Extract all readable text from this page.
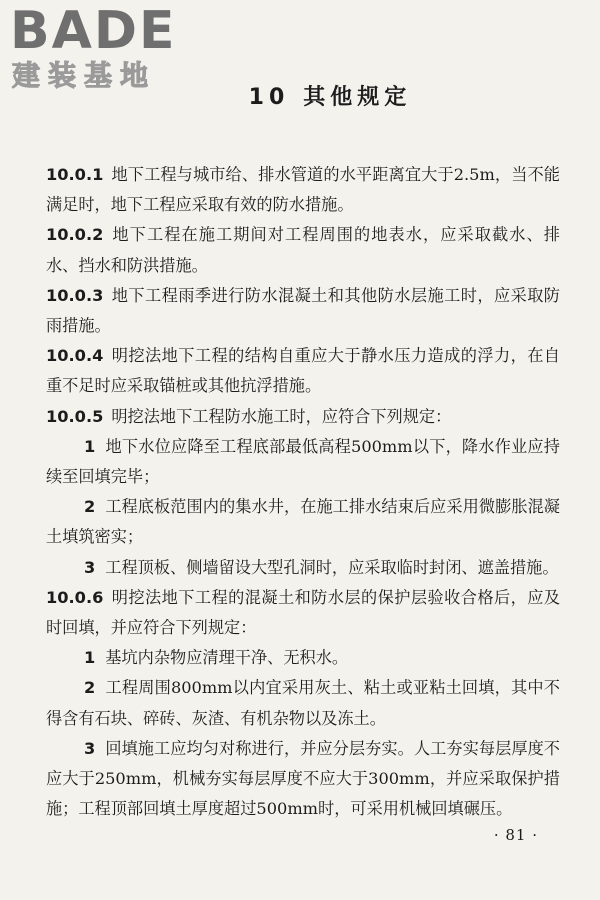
BADE
建装基地
10 其他规定

10.0.1 地下工程与城市给、排水管道的水平距离宜大于2.5m，当不能满足时，地下工程应采取有效的防水措施。

10.0.2 地下工程在施工期间对工程周围的地表水，应采取截水、排水、挡水和防洪措施。

10.0.3 地下工程雨季进行防水混凝土和其他防水层施工时，应采取防雨措施。

10.0.4 明挖法地下工程的结构自重应大于静水压力造成的浮力，在自重不足时应采取锚桩或其他抗浮措施。

10.0.5 明挖法地下工程防水施工时，应符合下列规定：

1 地下水位应降至工程底部最低高程500mm以下，降水作业应持续至回填完毕；

2 工程底板范围内的集水井，在施工排水结束后应采用微膨胀混凝土填筑密实；

3 工程顶板、侧墙留设大型孔洞时，应采取临时封闭、遮盖措施。

10.0.6 明挖法地下工程的混凝土和防水层的保护层验收合格后，应及时回填，并应符合下列规定：

1 基坑内杂物应清理干净、无积水。

2 工程周围800mm以内宜采用灰土、粘土或亚粘土回填，其中不得含有石块、碎砖、灰渣、有机杂物以及冻土。

3 回填施工应均匀对称进行，并应分层夯实。人工夯实每层厚度不应大于250mm，机械夯实每层厚度不应大于300mm，并应采取保护措施；工程顶部回填土厚度超过500mm时，可采用机械回填碾压。

· 81 ·
